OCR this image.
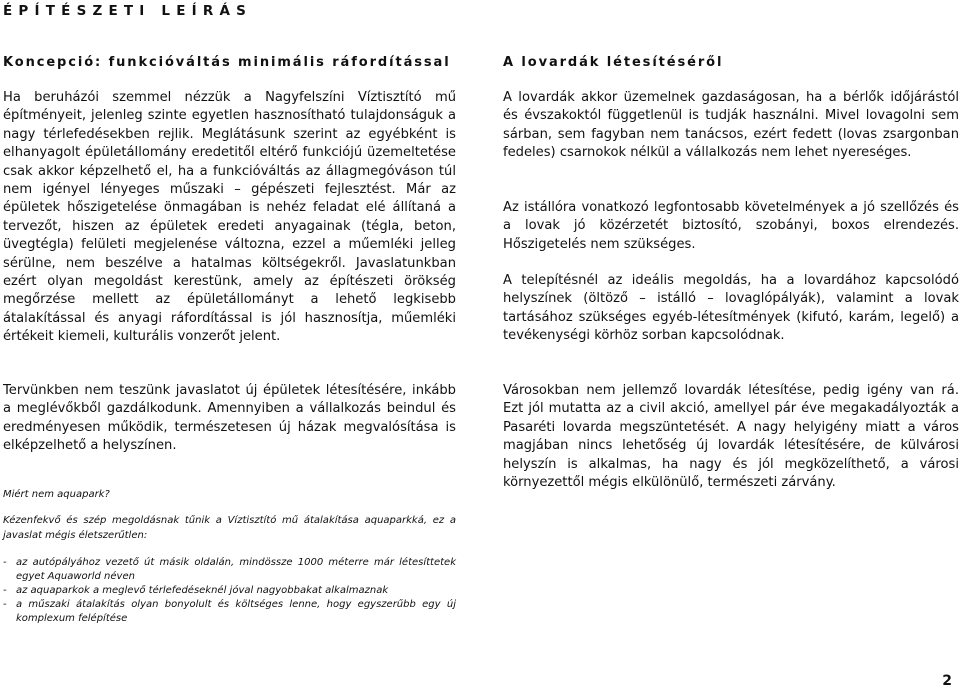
ÉPÍTÉSZETI LEÍRÁS
Koncepció: funkcióváltás minimális ráfordítással

Ha beruházói szemmel nézzük a Nagyfelszíni Víztisztító mű építményeit, jelenleg szinte egyetlen hasznosítható tulajdonságuk a nagy térlefedésekben rejlik. Meglátásunk szerint az egyébként is elhanyagolt épületállomány eredetitől eltérő funkciójú üzemeltetése csak akkor képzelhető el, ha a funkcióváltás az állagmegóváson túl nem igényel lényeges műszaki – gépészeti fejlesztést. Már az épületek hőszigetelése önmagában is nehéz feladat elé állítaná a tervezőt, hiszen az épületek eredeti anyagainak (tégla, beton, üvegtégla) felületi megjelenése változna, ezzel a műemléki jelleg sérülne, nem beszélve a hatalmas költségekről. Javaslatunkban ezért olyan megoldást kerestünk, amely az építészeti örökség megőrzése mellett az épületállományt a lehető legkisebb átalakítással és anyagi ráfordítással is jól hasznosítja, műemléki értékeit kiemeli, kulturális vonzerőt jelent.

Tervünkben nem teszünk javaslatot új épületek létesítésére, inkább a meglévőkből gazdálkodunk. Amennyiben a vállalkozás beindul és eredményesen működik, természetesen új házak megvalósítása is elképzelhető a helyszínen.

Miért nem aquapark?

Kézenfekvő és szép megoldásnak tűnik a Víztisztító mű átalakítása aquaparkká, ez a javaslat mégis életszerűtlen:

- az autópályához vezető út másik oldalán, mindössze 1000 méterre már létesíttetek egyet Aquaworld néven
- az aquaparkok a meglevő térlefedéseknél jóval nagyobbakat alkalmaznak
- a műszaki átalakítás olyan bonyolult és költséges lenne, hogy egyszerűbb egy új komplexum felépítése
A lovardák létesítéséről

A lovardák akkor üzemelnek gazdaságosan, ha a bérlők időjárástól és évszakoktól függetlenül is tudják használni. Mivel lovagolni sem sárban, sem fagyban nem tanácsos, ezért fedett (lovas zsargonban fedeles) csarnokok nélkül a vállalkozás nem lehet nyereséges.

Az istállóra vonatkozó legfontosabb követelmények a jó szellőzés és a lovak jó közérzetét biztosító, szobányi, boxos elrendezés. Hőszigetelés nem szükséges.

A telepítésnél az ideális megoldás, ha a lovardához kapcsolódó helyszínek (öltöző – istálló – lovaglópályák), valamint a lovak tartásához szükséges egyéb-létesítmények (kifutó, karám, legelő) a tevékenységi körhöz sorban kapcsolódnak.

Városokban nem jellemző lovardák létesítése, pedig igény van rá. Ezt jól mutatta az a civil akció, amellyel pár éve megakadályozták a Pasaréti lovarda megszüntetését. A nagy helyigény miatt a város magjában nincs lehetőség új lovardák létesítésére, de külvárosi helyszín is alkalmas, ha nagy és jól megközelíthető, a városi környezettől mégis elkülönülő, természeti zárvány.

2
